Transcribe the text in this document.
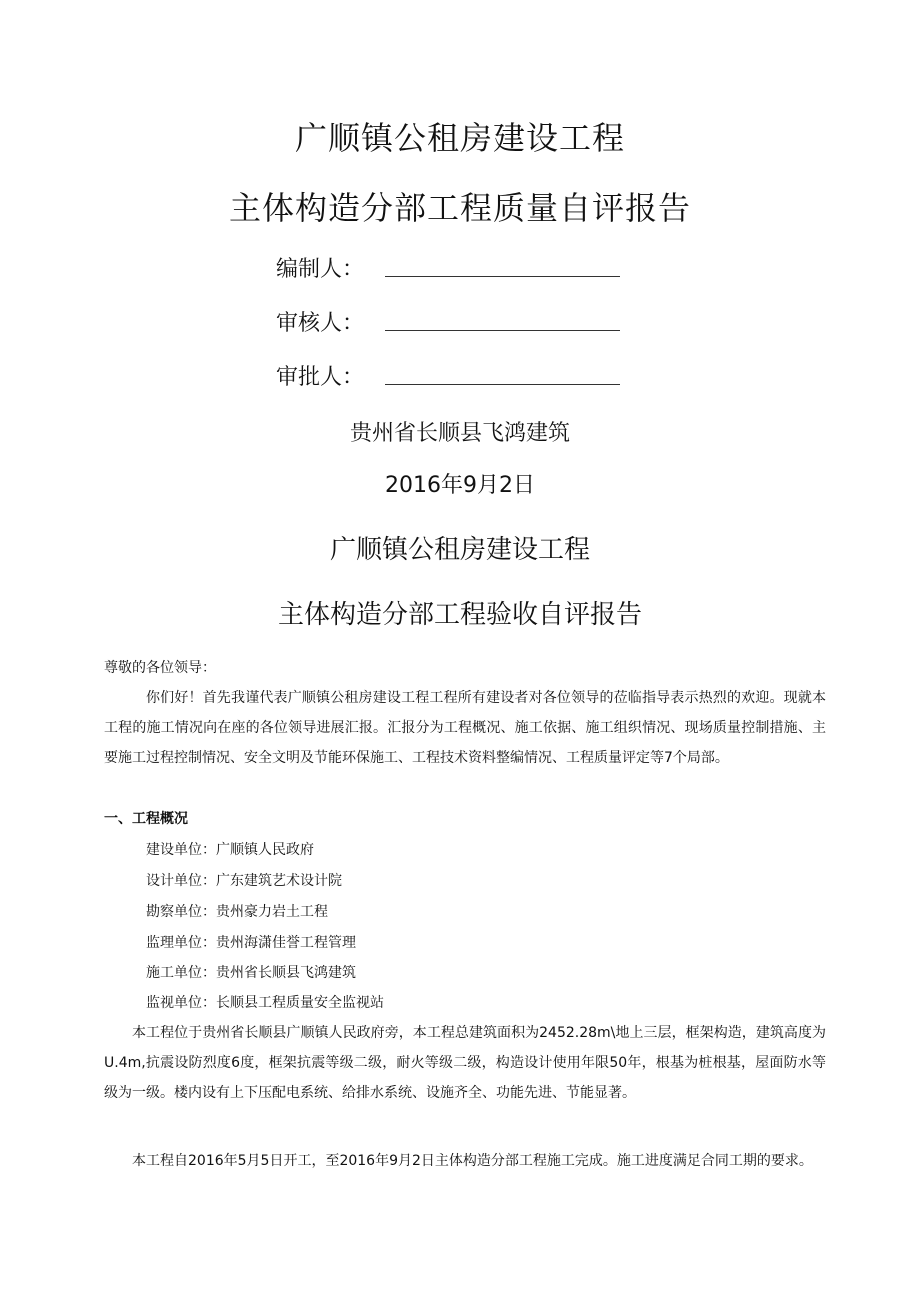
广顺镇公租房建设工程
主体构造分部工程质量自评报告
编制人：
审核人：
审批人：
贵州省长顺县飞鸿建筑
2016年9月2日
广顺镇公租房建设工程
主体构造分部工程验收自评报告
尊敬的各位领导：
你们好！首先我谨代表广顺镇公租房建设工程工程所有建设者对各位领导的莅临指导表示热烈的欢迎。现就本工程的施工情况向在座的各位领导进展汇报。汇报分为工程概况、施工依据、施工组织情况、现场质量控制措施、主要施工过程控制情况、安全文明及节能环保施工、工程技术资料整编情况、工程质量评定等7个局部。
一、工程概况
建设单位：广顺镇人民政府
设计单位：广东建筑艺术设计院
勘察单位：贵州豪力岩土工程
监理单位：贵州海潇佳誉工程管理
施工单位：贵州省长顺县飞鸿建筑
监视单位：长顺县工程质量安全监视站
本工程位于贵州省长顺县广顺镇人民政府旁，本工程总建筑面积为2452.28m\地上三层，框架构造，建筑高度为U.4m,抗震设防烈度6度，框架抗震等级二级，耐火等级二级，构造设计使用年限50年，根基为桩根基，屋面防水等级为一级。楼内设有上下压配电系统、给排水系统、设施齐全、功能先进、节能显著。
本工程自2016年5月5日开工，至2016年9月2日主体构造分部工程施工完成。施工进度满足合同工期的要求。
